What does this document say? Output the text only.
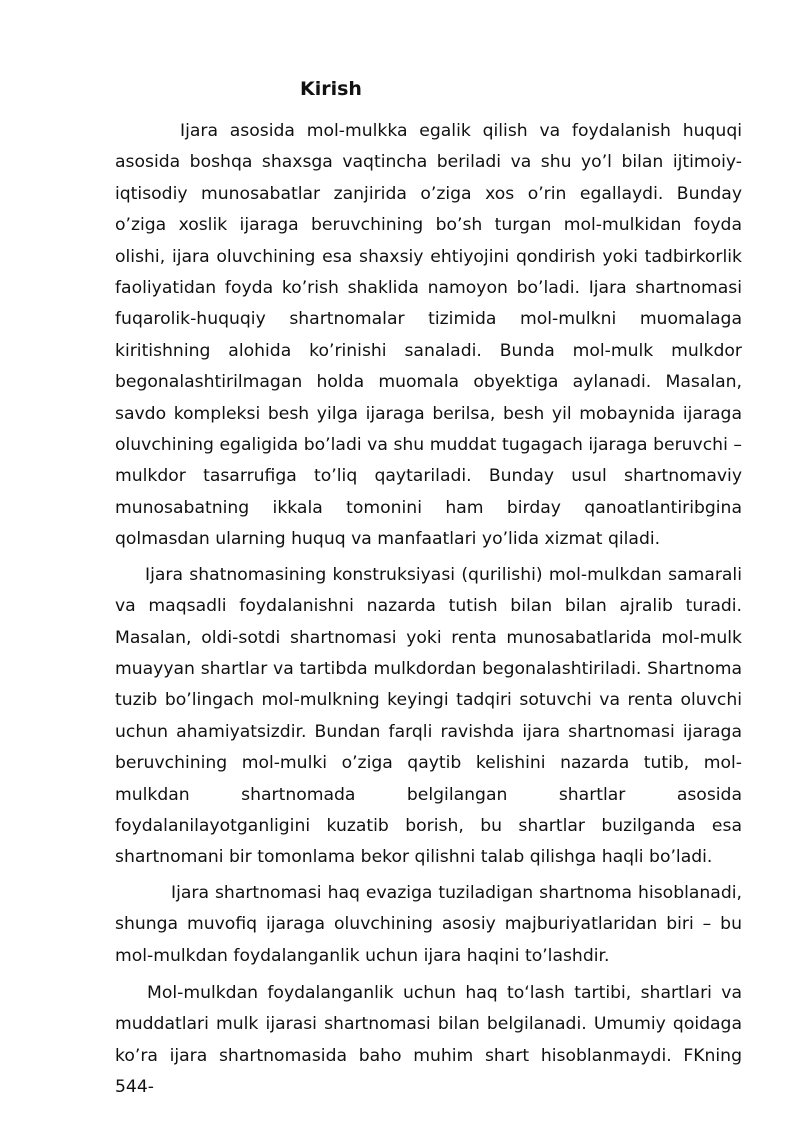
Kirish

Ijara asosida mol-mulkka egalik qilish va foydalanish huquqi asosida boshqa shaxsga vaqtincha beriladi va shu yo’l bilan ijtimoiy-iqtisodiy munosabatlar zanjirida o’ziga xos o’rin egallaydi. Bunday o’ziga xoslik ijaraga beruvchining bo’sh turgan mol-mulkidan foyda olishi, ijara oluvchining esa shaxsiy ehtiyojini qondirish yoki tadbirkorlik faoliyatidan foyda ko’rish shaklida namoyon bo’ladi. Ijara shartnomasi fuqarolik-huquqiy shartnomalar tizimida mol-mulkni muomalaga kiritishning alohida ko’rinishi sanaladi. Bunda mol-mulk mulkdor begonalashtirilmagan holda muomala obyektiga aylanadi. Masalan, savdo kompleksi besh yilga ijaraga berilsa, besh yil mobaynida ijaraga oluvchining egaligida bo’ladi va shu muddat tugagach ijaraga beruvchi – mulkdor tasarrufiga to’liq qaytariladi. Bunday usul shartnomaviy munosabatning ikkala tomonini ham birday qanoatlantiribgina qolmasdan ularning huquq va manfaatlari yo’lida xizmat qiladi.

Ijara shatnomasining konstruksiyasi (qurilishi) mol-mulkdan samarali va maqsadli foydalanishni nazarda tutish bilan bilan ajralib turadi. Masalan, oldi-sotdi shartnomasi yoki renta munosabatlarida mol-mulk muayyan shartlar va tartibda mulkdordan begonalashtiriladi. Shartnoma tuzib bo’lingach mol-mulkning keyingi tadqiri sotuvchi va renta oluvchi uchun ahamiyatsizdir. Bundan farqli ravishda ijara shartnomasi ijaraga beruvchining mol-mulki o’ziga qaytib kelishini nazarda tutib, mol-mulkdan shartnomada belgilangan shartlar asosida foydalanilayotganligini kuzatib borish, bu shartlar buzilganda esa shartnomani bir tomonlama bekor qilishni talab qilishga haqli bo’ladi.

Ijara shartnomasi haq evaziga tuziladigan shartnoma hisoblanadi, shunga muvofiq ijaraga oluvchining asosiy majburiyatlaridan biri – bu mol-mulkdan foydalanganlik uchun ijara haqini to’lashdir.

Mol-mulkdan foydalanganlik uchun haq to‘lash tartibi, shartlari va muddatlari mulk ijarasi shartnomasi bilan belgilanadi. Umumiy qoidaga ko’ra ijara shartnomasida baho muhim shart hisoblanmaydi. FKning 544-
